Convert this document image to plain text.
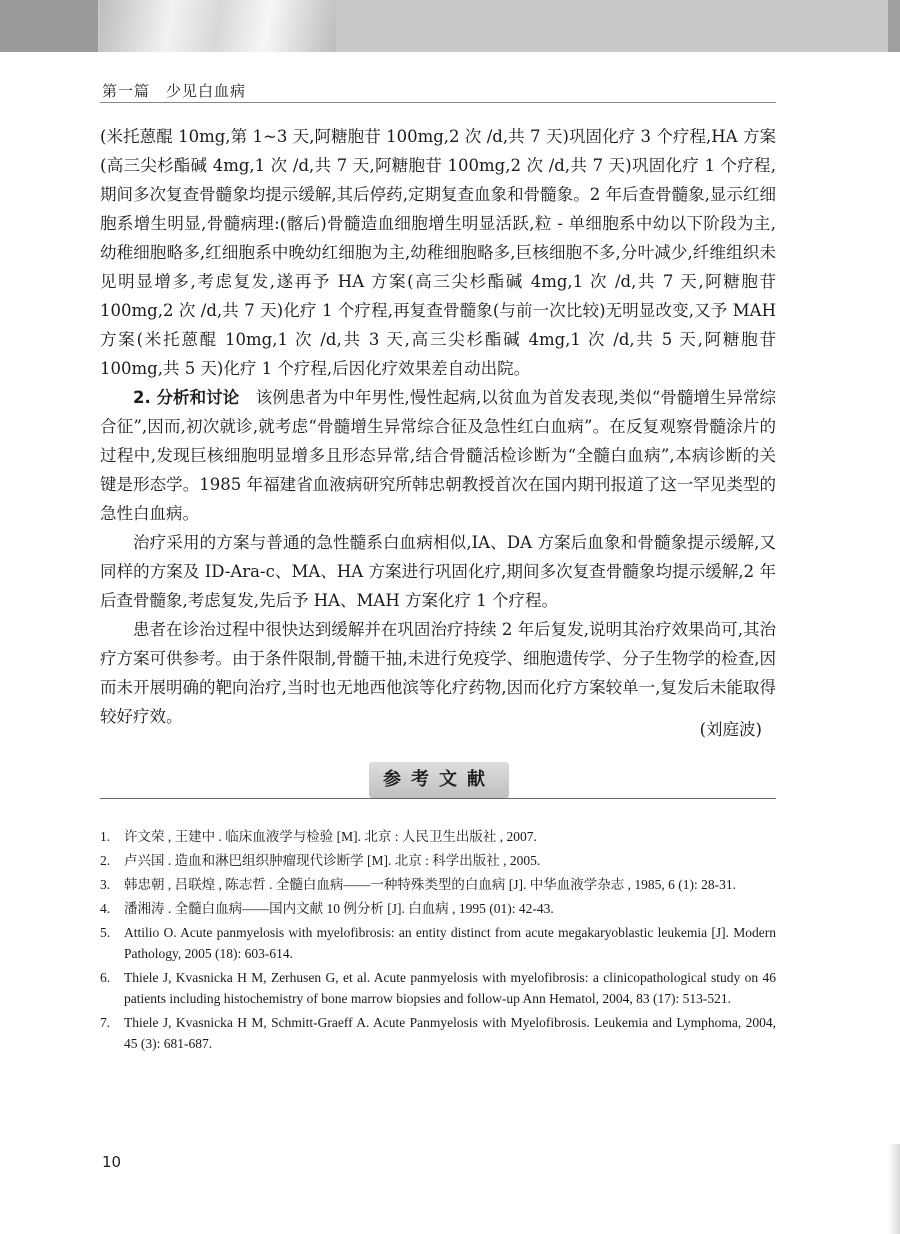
第一篇　少见白血病

(米托蒽醌 10mg,第 1~3 天,阿糖胞苷 100mg,2 次 /d,共 7 天)巩固化疗 3 个疗程,HA 方案(高三尖杉酯碱 4mg,1 次 /d,共 7 天,阿糖胞苷 100mg,2 次 /d,共 7 天)巩固化疗 1 个疗程,期间多次复查骨髓象均提示缓解,其后停药,定期复查血象和骨髓象。2 年后查骨髓象,显示红细胞系增生明显,骨髓病理:(髂后)骨髓造血细胞增生明显活跃,粒 - 单细胞系中幼以下阶段为主,幼稚细胞略多,红细胞系中晚幼红细胞为主,幼稚细胞略多,巨核细胞不多,分叶减少,纤维组织未见明显增多,考虑复发,遂再予 HA 方案(高三尖杉酯碱 4mg,1 次 /d,共 7 天,阿糖胞苷 100mg,2 次 /d,共 7 天)化疗 1 个疗程,再复查骨髓象(与前一次比较)无明显改变,又予 MAH 方案(米托蒽醌 10mg,1 次 /d,共 3 天,高三尖杉酯碱 4mg,1 次 /d,共 5 天,阿糖胞苷 100mg,共 5 天)化疗 1 个疗程,后因化疗效果差自动出院。

2. 分析和讨论　 该例患者为中年男性,慢性起病,以贫血为首发表现,类似“骨髓增生异常综合征”,因而,初次就诊,就考虑“骨髓增生异常综合征及急性红白血病”。在反复观察骨髓涂片的过程中,发现巨核细胞明显增多且形态异常,结合骨髓活检诊断为“全髓白血病”,本病诊断的关键是形态学。1985 年福建省血液病研究所韩忠朝教授首次在国内期刊报道了这一罕见类型的急性白血病。

治疗采用的方案与普通的急性髓系白血病相似,IA、DA 方案后血象和骨髓象提示缓解,又同样的方案及 ID-Ara-c、MA、HA 方案进行巩固化疗,期间多次复查骨髓象均提示缓解,2 年后查骨髓象,考虑复发,先后予 HA、MAH 方案化疗 1 个疗程。

患者在诊治过程中很快达到缓解并在巩固治疗持续 2 年后复发,说明其治疗效果尚可,其治疗方案可供参考。由于条件限制,骨髓干抽,未进行免疫学、细胞遗传学、分子生物学的检查,因而未开展明确的靶向治疗,当时也无地西他滨等化疗药物,因而化疗方案较单一,复发后未能取得较好疗效。

(刘庭波)
参考文献
1. 许文荣 , 王建中 . 临床血液学与检验 [M]. 北京 : 人民卫生出版社 , 2007.
2. 卢兴国 . 造血和淋巴组织肿瘤现代诊断学 [M]. 北京 : 科学出版社 , 2005.
3. 韩忠朝 , 吕联煌 , 陈志哲 . 全髓白血病——一种特殊类型的白血病 [J]. 中华血液学杂志 , 1985, 6 (1): 28-31.
4. 潘湘涛 . 全髓白血病——国内文献 10 例分析 [J]. 白血病 , 1995 (01): 42-43.
5. Attilio O. Acute panmyelosis with myelofibrosis: an entity distinct from acute megakaryoblastic leukemia [J]. Modern Pathology, 2005 (18): 603-614.
6. Thiele J, Kvasnicka H M, Zerhusen G, et al. Acute panmyelosis with myelofibrosis: a clinicopathological study on 46 patients including histochemistry of bone marrow biopsies and follow-up Ann Hematol, 2004, 83 (17): 513-521.
7. Thiele J, Kvasnicka H M, Schmitt-Graeff A. Acute Panmyelosis with Myelofibrosis. Leukemia and Lymphoma, 2004, 45 (3): 681-687.
10
